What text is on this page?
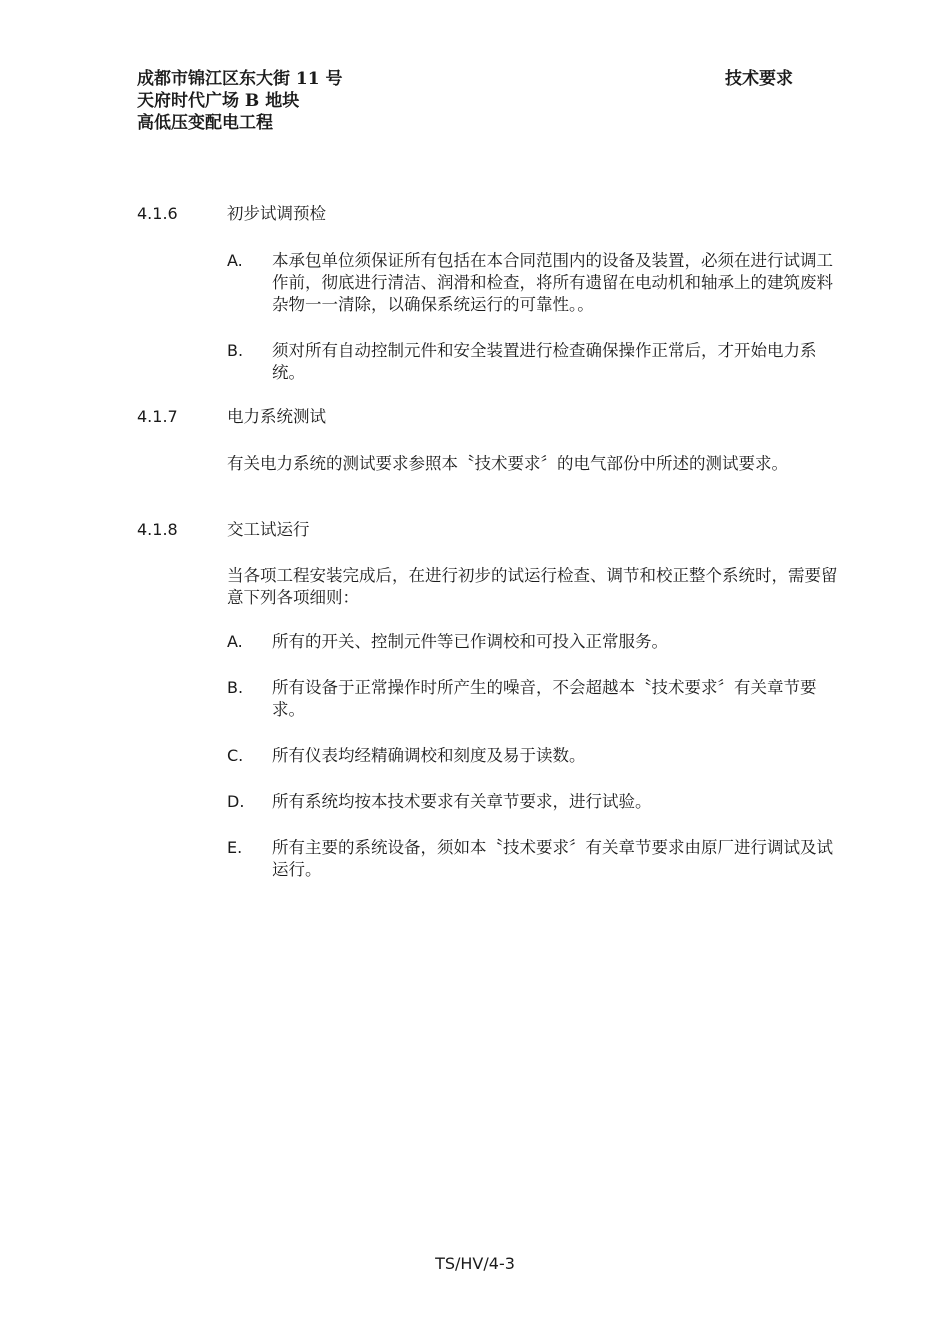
成都市锦江区东大街 11 号
天府时代广场 B 地块
高低压变配电工程
技术要求
4.1.6	初步试调预检
A. 本承包单位须保证所有包括在本合同范围内的设备及装置，必须在进行试调工作前，彻底进行清洁、润滑和检查，将所有遗留在电动机和轴承上的建筑废料杂物一一清除，以确保系统运行的可靠性。。
B. 须对所有自动控制元件和安全装置进行检查确保操作正常后，才开始电力系统。
4.1.7	电力系统测试
有关电力系统的测试要求参照本〝技术要求〞的电气部份中所述的测试要求。
4.1.8	交工试运行
当各项工程安装完成后，在进行初步的试运行检查、调节和校正整个系统时，需要留意下列各项细则：
A. 所有的开关、控制元件等已作调校和可投入正常服务。
B. 所有设备于正常操作时所产生的噪音，不会超越本〝技术要求〞有关章节要求。
C. 所有仪表均经精确调校和刻度及易于读数。
D. 所有系统均按本技术要求有关章节要求，进行试验。
E. 所有主要的系统设备，须如本〝技术要求〞有关章节要求由原厂进行调试及试运行。
TS/HV/4-3
